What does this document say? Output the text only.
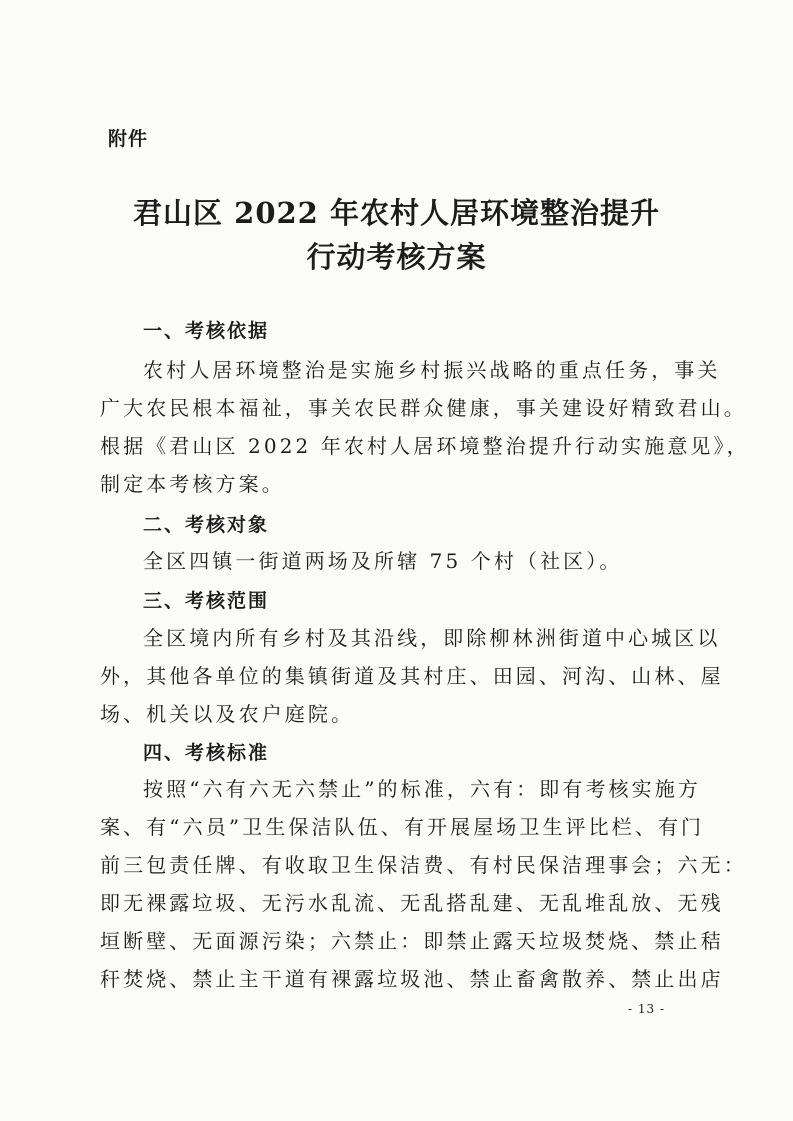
附件
君山区 2022 年农村人居环境整治提升
行动考核方案
一、考核依据
农村人居环境整治是实施乡村振兴战略的重点任务，事关
广大农民根本福祉，事关农民群众健康，事关建设好精致君山。
根据《君山区 2022 年农村人居环境整治提升行动实施意见》，
制定本考核方案。
二、考核对象
全区四镇一街道两场及所辖 75 个村（社区）。
三、考核范围
全区境内所有乡村及其沿线，即除柳林洲街道中心城区以
外，其他各单位的集镇街道及其村庄、田园、河沟、山林、屋
场、机关以及农户庭院。
四、考核标准
按照“六有六无六禁止”的标准，六有：即有考核实施方
案、有“六员”卫生保洁队伍、有开展屋场卫生评比栏、有门
前三包责任牌、有收取卫生保洁费、有村民保洁理事会；六无：
即无裸露垃圾、无污水乱流、无乱搭乱建、无乱堆乱放、无残
垣断壁、无面源污染；六禁止：即禁止露天垃圾焚烧、禁止秸
秆焚烧、禁止主干道有裸露垃圾池、禁止畜禽散养、禁止出店
- 13 -
